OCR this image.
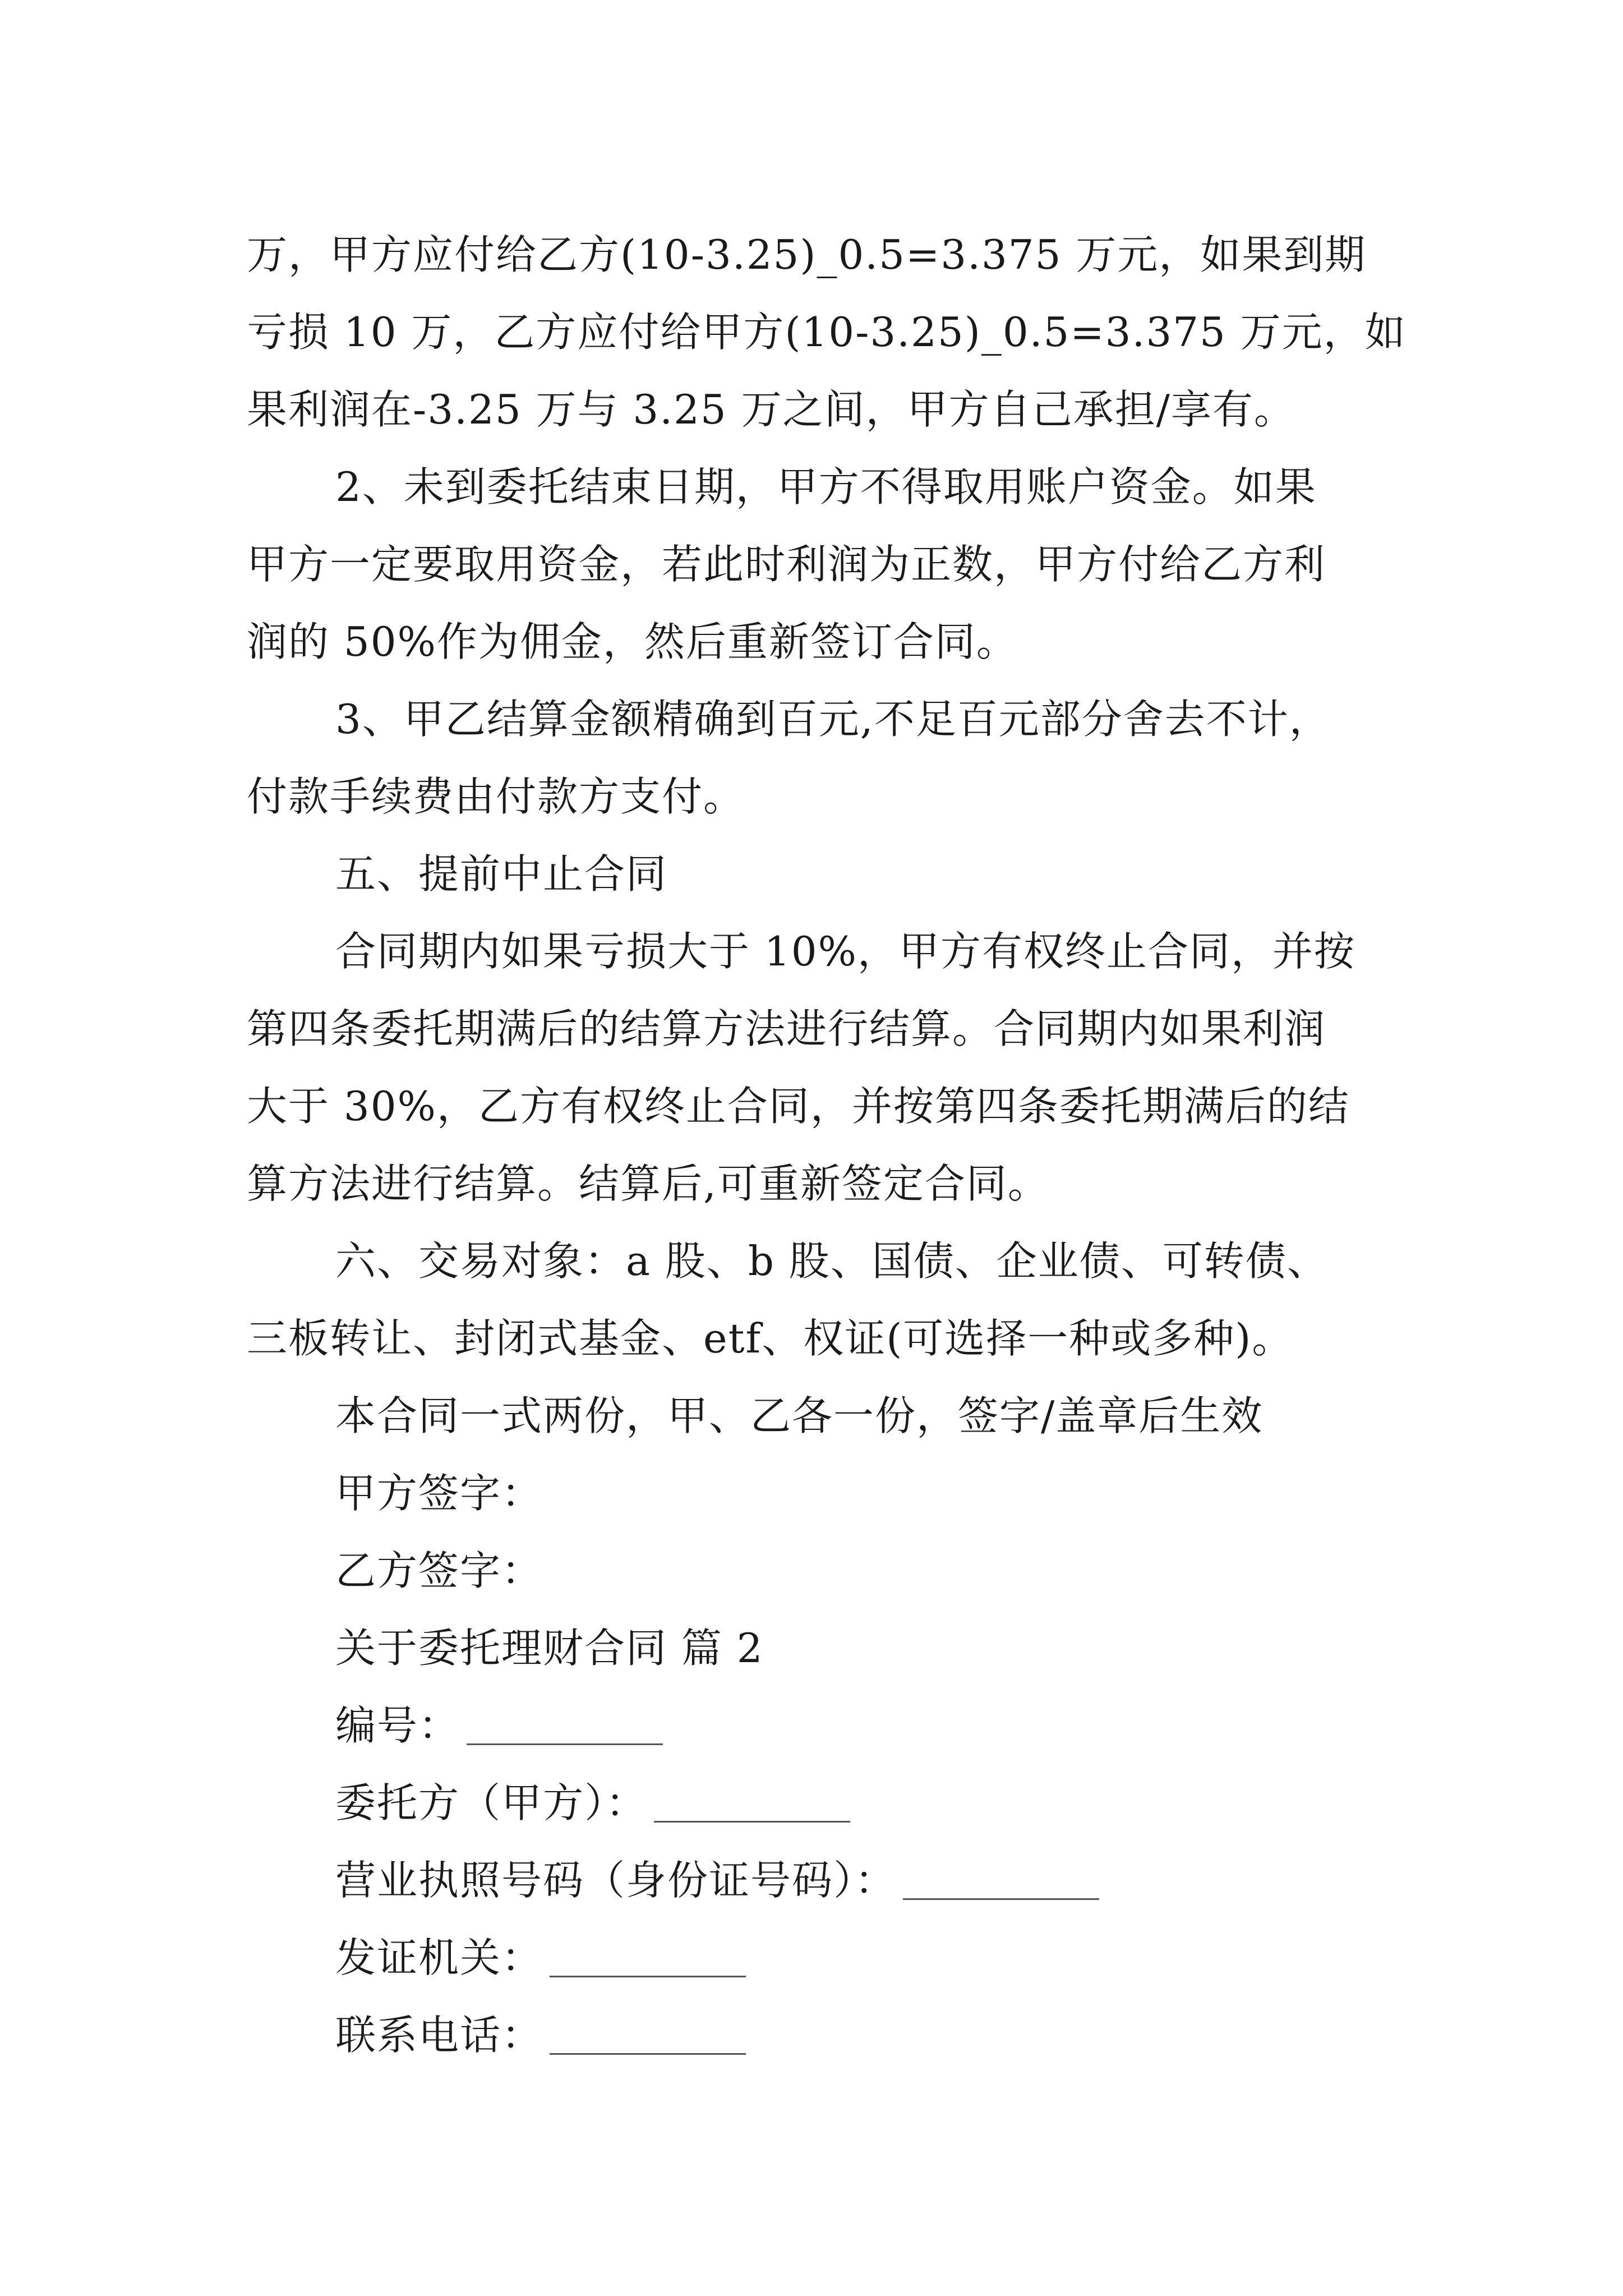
万，甲方应付给乙方(10-3.25)_0.5=3.375 万元，如果到期
亏损 10 万，乙方应付给甲方(10-3.25)_0.5=3.375 万元，如
果利润在-3.25 万与 3.25 万之间，甲方自己承担/享有。
2、未到委托结束日期，甲方不得取用账户资金。如果
甲方一定要取用资金，若此时利润为正数，甲方付给乙方利
润的 50%作为佣金，然后重新签订合同。
3、甲乙结算金额精确到百元,不足百元部分舍去不计，
付款手续费由付款方支付。
五、提前中止合同
合同期内如果亏损大于 10%，甲方有权终止合同，并按
第四条委托期满后的结算方法进行结算。合同期内如果利润
大于 30%，乙方有权终止合同，并按第四条委托期满后的结
算方法进行结算。结算后,可重新签定合同。
六、交易对象：a 股、b 股、国债、企业债、可转债、
三板转让、封闭式基金、etf、权证(可选择一种或多种)。
本合同一式两份，甲、乙各一份，签字/盖章后生效
甲方签字：
乙方签字：
关于委托理财合同 篇 2
编号：
委托方（甲方）：
营业执照号码（身份证号码）：
发证机关：
联系电话：
